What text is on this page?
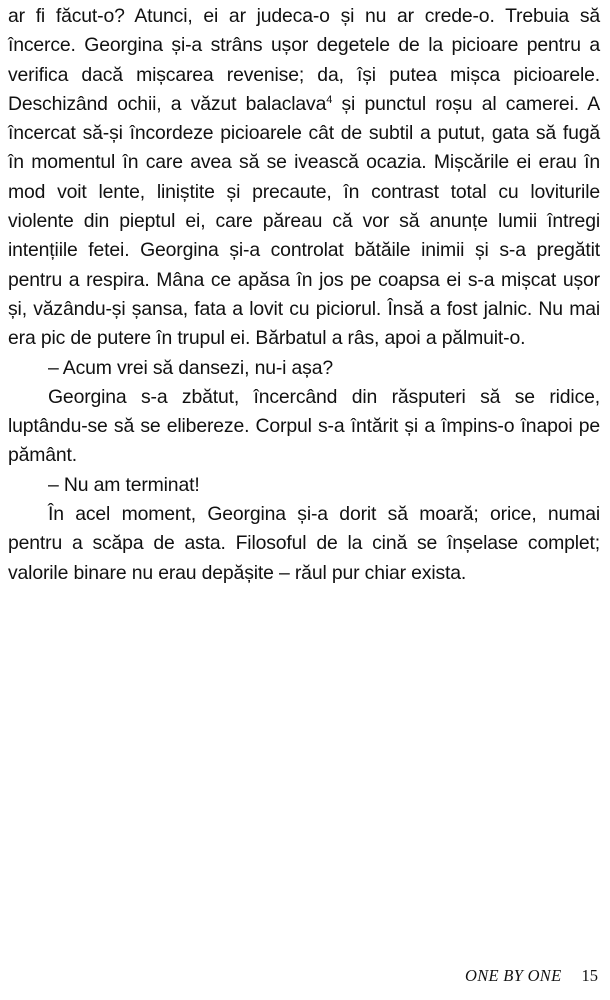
ar fi făcut-o? Atunci, ei ar judeca-o și nu ar crede-o. Trebuia să încerce. Georgina și-a strâns ușor degetele de la picioare pentru a verifica dacă mișcarea revenise; da, își putea mișca picioarele. Deschizând ochii, a văzut balaclava$^4$ și punctul roșu al camerei. A încercat să-și încordeze picioarele cât de subtil a putut, gata să fugă în momentul în care avea să se ivească ocazia. Mișcările ei erau în mod voit lente, liniștite și precaute, în contrast total cu loviturile violente din pieptul ei, care păreau că vor să anunțe lumii întregi intențiile fetei. Georgina și-a controlat bătăile inimii și s-a pregătit pentru a respira. Mâna ce apăsa în jos pe coapsa ei s-a mișcat ușor și, văzându-și șansa, fata a lovit cu piciorul. Însă a fost jalnic. Nu mai era pic de putere în trupul ei. Bărbatul a râs, apoi a pălmuit-o.

– Acum vrei să dansezi, nu-i așa?

Georgina s-a zbătut, încercând din răsputeri să se ridice, luptându-se să se elibereze. Corpul s-a întărit și a împins-o înapoi pe pământ.

– Nu am terminat!

În acel moment, Georgina și-a dorit să moară; orice, numai pentru a scăpa de asta. Filosoful de la cină se înșelase complet; valorile binare nu erau depășite – răul pur chiar exista.

ONE BY ONE 15
